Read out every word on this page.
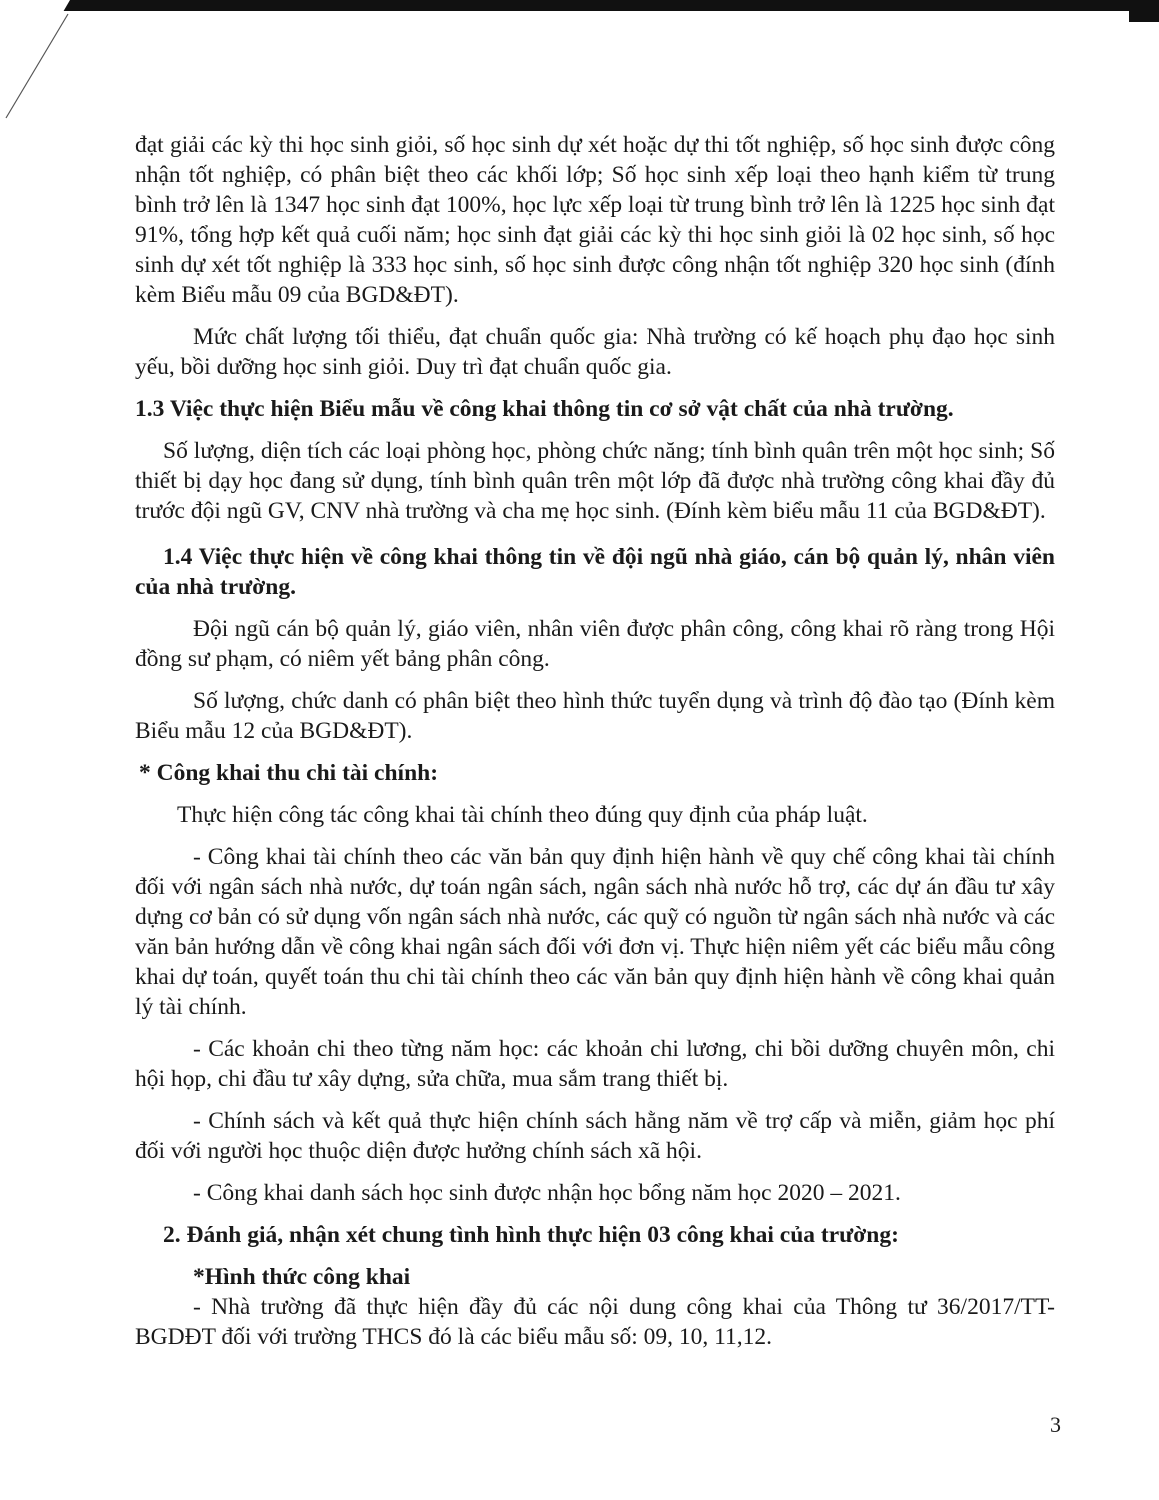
đạt giải các kỳ thi học sinh giỏi, số học sinh dự xét hoặc dự thi tốt nghiệp, số học sinh được công nhận tốt nghiệp, có phân biệt theo các khối lớp; Số học sinh xếp loại theo hạnh kiểm từ trung bình trở lên là 1347 học sinh đạt 100%, học lực xếp loại từ trung bình trở lên là 1225 học sinh đạt 91%, tổng hợp kết quả cuối năm; học sinh đạt giải các kỳ thi học sinh giỏi là 02 học sinh, số học sinh dự xét tốt nghiệp là 333 học sinh, số học sinh được công nhận tốt nghiệp 320 học sinh (đính kèm Biểu mẫu 09 của BGD&ĐT).

Mức chất lượng tối thiểu, đạt chuẩn quốc gia: Nhà trường có kế hoạch phụ đạo học sinh yếu, bồi dưỡng học sinh giỏi. Duy trì đạt chuẩn quốc gia.

1.3 Việc thực hiện Biểu mẫu về công khai thông tin cơ sở vật chất của nhà trường.

Số lượng, diện tích các loại phòng học, phòng chức năng; tính bình quân trên một học sinh; Số thiết bị dạy học đang sử dụng, tính bình quân trên một lớp đã được nhà trường công khai đầy đủ trước đội ngũ GV, CNV nhà trường và cha mẹ học sinh. (Đính kèm biểu mẫu 11 của BGD&ĐT).

1.4 Việc thực hiện về công khai thông tin về đội ngũ nhà giáo, cán bộ quản lý, nhân viên của nhà trường.

Đội ngũ cán bộ quản lý, giáo viên, nhân viên được phân công, công khai rõ ràng trong Hội đồng sư phạm, có niêm yết bảng phân công.

Số lượng, chức danh có phân biệt theo hình thức tuyển dụng và trình độ đào tạo (Đính kèm Biểu mẫu 12 của BGD&ĐT).

* Công khai thu chi tài chính:

Thực hiện công tác công khai tài chính theo đúng quy định của pháp luật.

- Công khai tài chính theo các văn bản quy định hiện hành về quy chế công khai tài chính đối với ngân sách nhà nước, dự toán ngân sách, ngân sách nhà nước hỗ trợ, các dự án đầu tư xây dựng cơ bản có sử dụng vốn ngân sách nhà nước, các quỹ có nguồn từ ngân sách nhà nước và các văn bản hướng dẫn về công khai ngân sách đối với đơn vị. Thực hiện niêm yết các biểu mẫu công khai dự toán, quyết toán thu chi tài chính theo các văn bản quy định hiện hành về công khai quản lý tài chính.

- Các khoản chi theo từng năm học: các khoản chi lương, chi bồi dưỡng chuyên môn, chi hội họp, chi đầu tư xây dựng, sửa chữa, mua sắm trang thiết bị.

- Chính sách và kết quả thực hiện chính sách hằng năm về trợ cấp và miễn, giảm học phí đối với người học thuộc diện được hưởng chính sách xã hội.

- Công khai danh sách học sinh được nhận học bổng năm học 2020 – 2021.

2. Đánh giá, nhận xét chung tình hình thực hiện 03 công khai của trường:

*Hình thức công khai

- Nhà trường đã thực hiện đầy đủ các nội dung công khai của Thông tư 36/2017/TT-BGDĐT đối với trường THCS đó là các biểu mẫu số: 09, 10, 11,12.

3
